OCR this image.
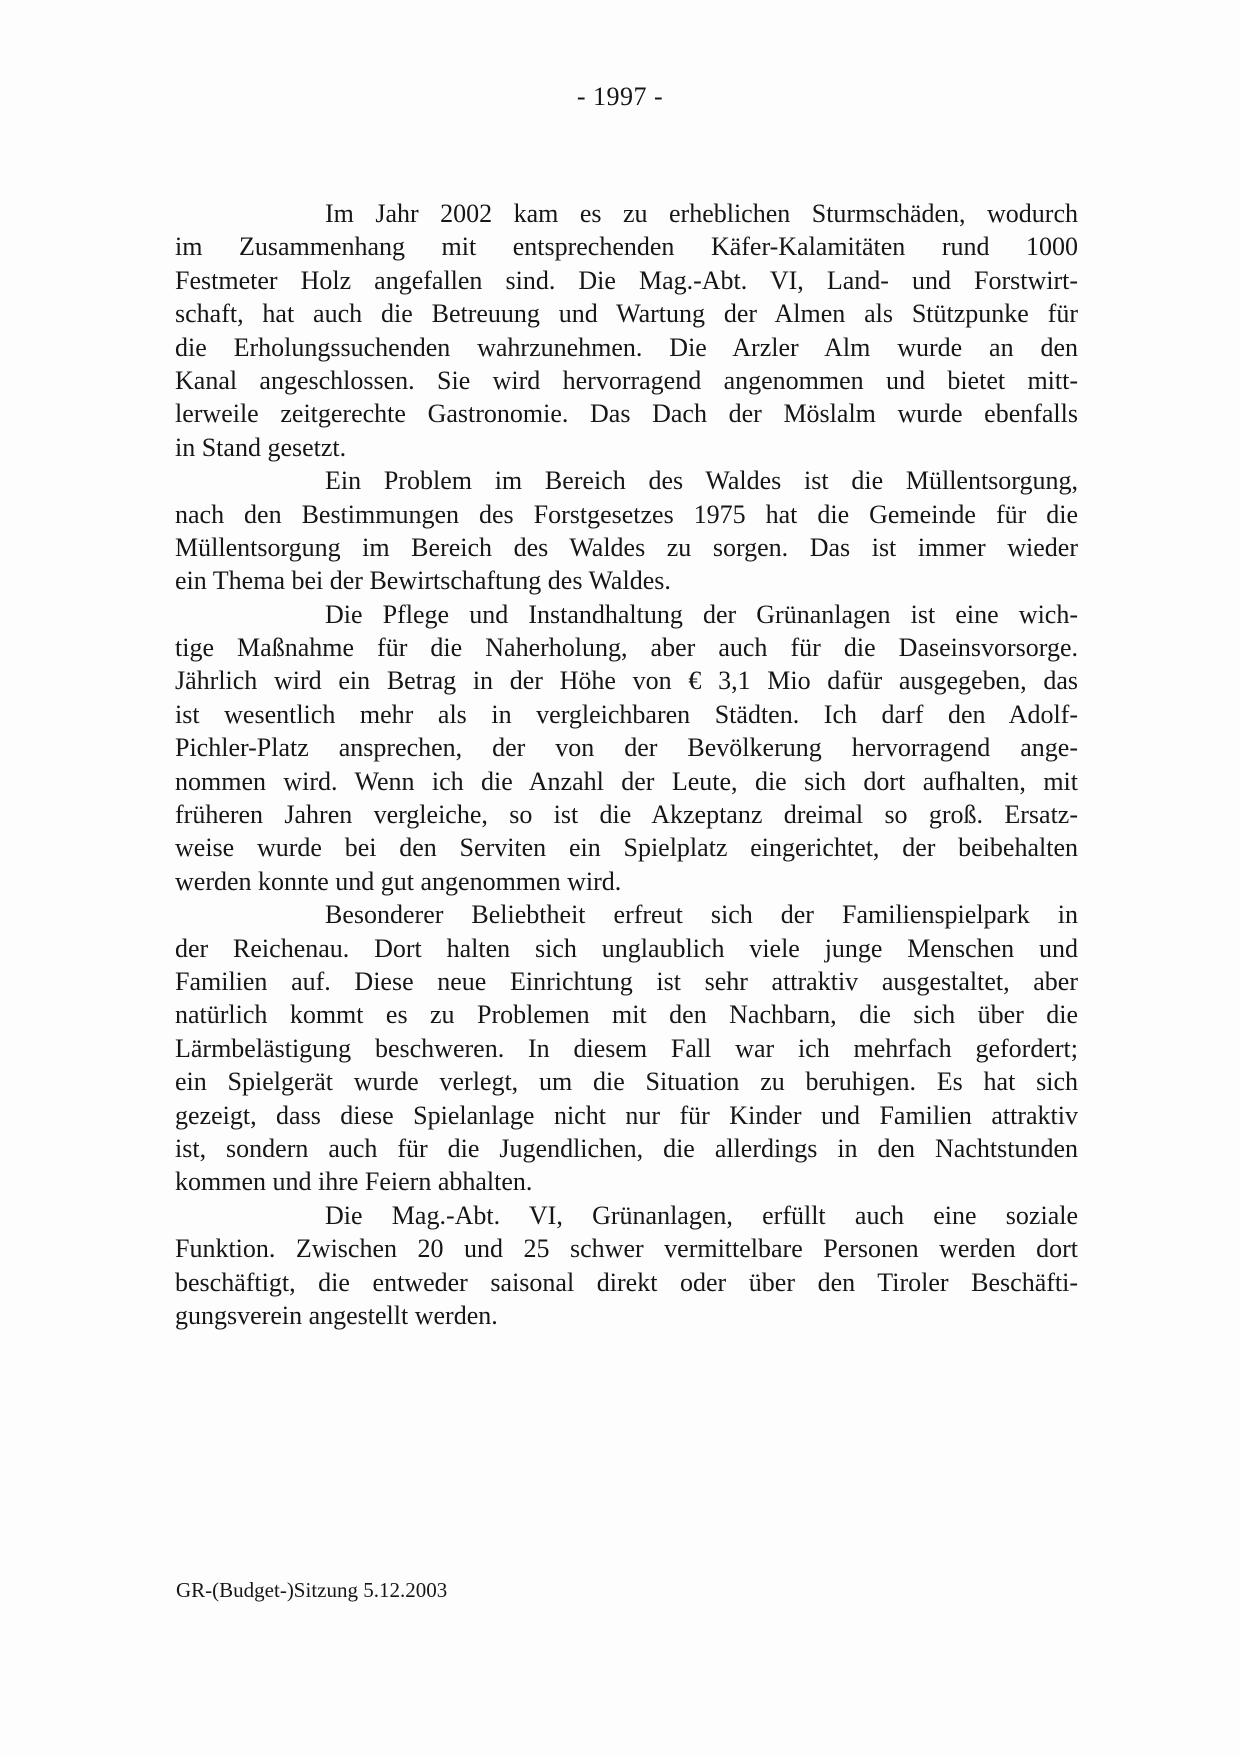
- 1997 -
Im Jahr 2002 kam es zu erheblichen Sturmschäden, wodurch
im Zusammenhang mit entsprechenden Käfer-Kalamitäten rund 1000
Festmeter Holz angefallen sind. Die Mag.-Abt. VI, Land- und Forstwirt-
schaft, hat auch die Betreuung und Wartung der Almen als Stützpunke für
die Erholungssuchenden wahrzunehmen. Die Arzler Alm wurde an den
Kanal angeschlossen. Sie wird hervorragend angenommen und bietet mitt-
lerweile zeitgerechte Gastronomie. Das Dach der Möslalm wurde ebenfalls
in Stand gesetzt.
Ein Problem im Bereich des Waldes ist die Müllentsorgung,
nach den Bestimmungen des Forstgesetzes 1975 hat die Gemeinde für die
Müllentsorgung im Bereich des Waldes zu sorgen. Das ist immer wieder
ein Thema bei der Bewirtschaftung des Waldes.
Die Pflege und Instandhaltung der Grünanlagen ist eine wich-
tige Maßnahme für die Naherholung, aber auch für die Daseinsvorsorge.
Jährlich wird ein Betrag in der Höhe von € 3,1 Mio dafür ausgegeben, das
ist wesentlich mehr als in vergleichbaren Städten. Ich darf den Adolf-
Pichler-Platz ansprechen, der von der Bevölkerung hervorragend ange-
nommen wird. Wenn ich die Anzahl der Leute, die sich dort aufhalten, mit
früheren Jahren vergleiche, so ist die Akzeptanz dreimal so groß. Ersatz-
weise wurde bei den Serviten ein Spielplatz eingerichtet, der beibehalten
werden konnte und gut angenommen wird.
Besonderer Beliebtheit erfreut sich der Familienspielpark in
der Reichenau. Dort halten sich unglaublich viele junge Menschen und
Familien auf. Diese neue Einrichtung ist sehr attraktiv ausgestaltet, aber
natürlich kommt es zu Problemen mit den Nachbarn, die sich über die
Lärmbelästigung beschweren. In diesem Fall war ich mehrfach gefordert;
ein Spielgerät wurde verlegt, um die Situation zu beruhigen. Es hat sich
gezeigt, dass diese Spielanlage nicht nur für Kinder und Familien attraktiv
ist, sondern auch für die Jugendlichen, die allerdings in den Nachtstunden
kommen und ihre Feiern abhalten.
Die Mag.-Abt. VI, Grünanlagen, erfüllt auch eine soziale
Funktion. Zwischen 20 und 25 schwer vermittelbare Personen werden dort
beschäftigt, die entweder saisonal direkt oder über den Tiroler Beschäfti-
gungsverein angestellt werden.
GR-(Budget-)Sitzung 5.12.2003
